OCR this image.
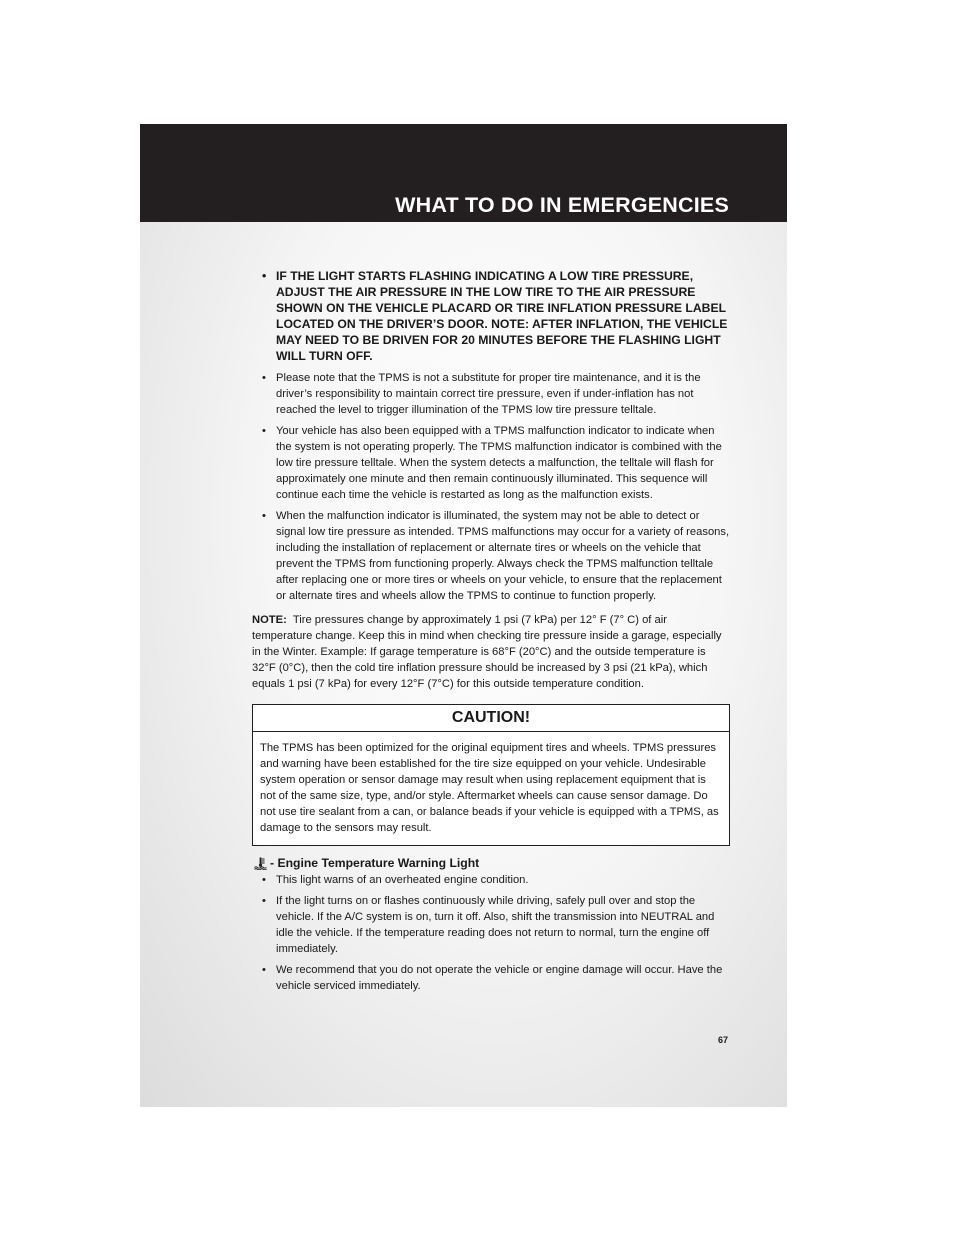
WHAT TO DO IN EMERGENCIES
• IF THE LIGHT STARTS FLASHING INDICATING A LOW TIRE PRESSURE, ADJUST THE AIR PRESSURE IN THE LOW TIRE TO THE AIR PRESSURE SHOWN ON THE VEHICLE PLACARD OR TIRE INFLATION PRESSURE LABEL LOCATED ON THE DRIVER’S DOOR. NOTE: AFTER INFLATION, THE VEHICLE MAY NEED TO BE DRIVEN FOR 20 MINUTES BEFORE THE FLASHING LIGHT WILL TURN OFF.
• Please note that the TPMS is not a substitute for proper tire maintenance, and it is the driver’s responsibility to maintain correct tire pressure, even if under-inflation has not reached the level to trigger illumination of the TPMS low tire pressure telltale.
• Your vehicle has also been equipped with a TPMS malfunction indicator to indicate when the system is not operating properly. The TPMS malfunction indicator is combined with the low tire pressure telltale. When the system detects a malfunction, the telltale will flash for approximately one minute and then remain continuously illuminated. This sequence will continue each time the vehicle is restarted as long as the malfunction exists.
• When the malfunction indicator is illuminated, the system may not be able to detect or signal low tire pressure as intended. TPMS malfunctions may occur for a variety of reasons, including the installation of replacement or alternate tires or wheels on the vehicle that prevent the TPMS from functioning properly. Always check the TPMS malfunction telltale after replacing one or more tires or wheels on your vehicle, to ensure that the replacement or alternate tires and wheels allow the TPMS to continue to function properly.

NOTE: Tire pressures change by approximately 1 psi (7 kPa) per 12° F (7° C) of air temperature change. Keep this in mind when checking tire pressure inside a garage, especially in the Winter. Example: If garage temperature is 68°F (20°C) and the outside temperature is 32°F (0°C), then the cold tire inflation pressure should be increased by 3 psi (21 kPa), which equals 1 psi (7 kPa) for every 12°F (7°C) for this outside temperature condition.

CAUTION!
The TPMS has been optimized for the original equipment tires and wheels. TPMS pressures and warning have been established for the tire size equipped on your vehicle. Undesirable system operation or sensor damage may result when using replacement equipment that is not of the same size, type, and/or style. Aftermarket wheels can cause sensor damage. Do not use tire sealant from a can, or balance beads if your vehicle is equipped with a TPMS, as damage to the sensors may result.
- Engine Temperature Warning Light
• This light warns of an overheated engine condition.
• If the light turns on or flashes continuously while driving, safely pull over and stop the vehicle. If the A/C system is on, turn it off. Also, shift the transmission into NEUTRAL and idle the vehicle. If the temperature reading does not return to normal, turn the engine off immediately.
• We recommend that you do not operate the vehicle or engine damage will occur. Have the vehicle serviced immediately.
67
